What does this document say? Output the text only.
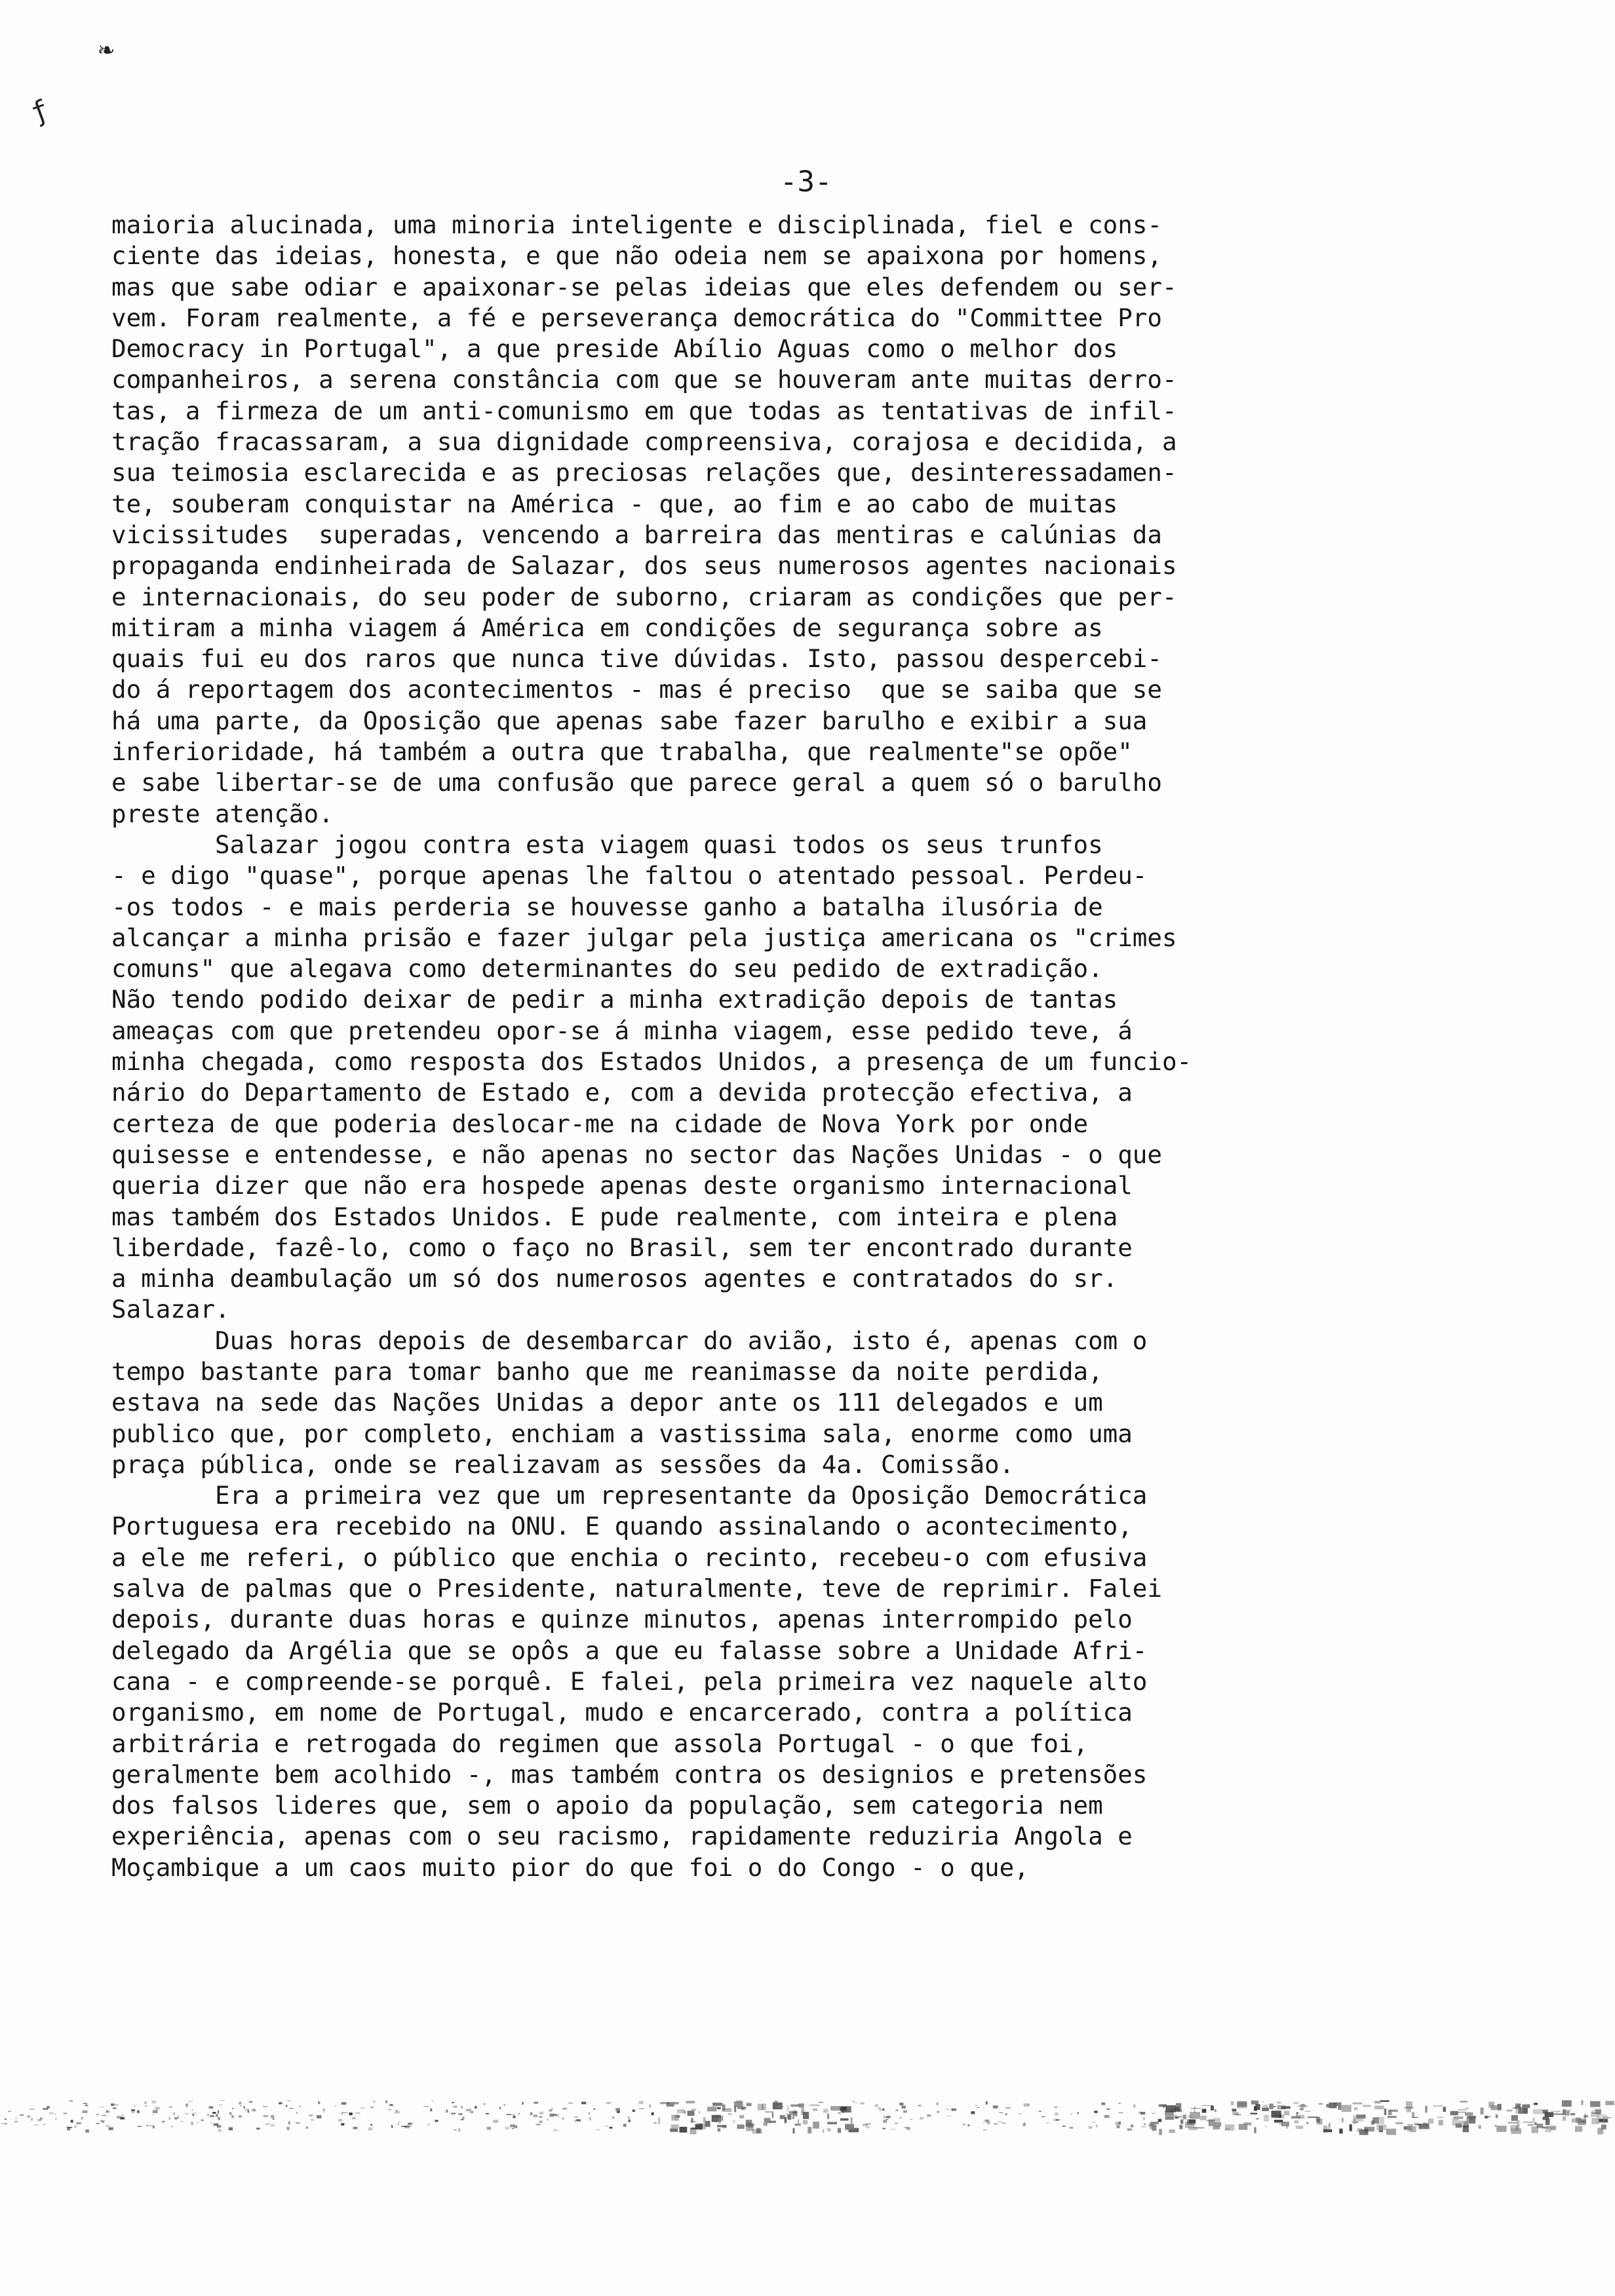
❧
ƒ
-3-
maioria alucinada, uma minoria inteligente e disciplinada, fiel e cons-
ciente das ideias, honesta, e que não odeia nem se apaixona por homens,
mas que sabe odiar e apaixonar-se pelas ideias que eles defendem ou ser-
vem. Foram realmente, a fé e perseverança democrática do "Committee Pro
Democracy in Portugal", a que preside Abílio Aguas como o melhor dos
companheiros, a serena constância com que se houveram ante muitas derro-
tas, a firmeza de um anti-comunismo em que todas as tentativas de infil-
tração fracassaram, a sua dignidade compreensiva, corajosa e decidida, a
sua teimosia esclarecida e as preciosas relações que, desinteressadamen-
te, souberam conquistar na América - que, ao fim e ao cabo de muitas
vicissitudes  superadas, vencendo a barreira das mentiras e calúnias da
propaganda endinheirada de Salazar, dos seus numerosos agentes nacionais
e internacionais, do seu poder de suborno, criaram as condições que per-
mitiram a minha viagem á América em condições de segurança sobre as
quais fui eu dos raros que nunca tive dúvidas. Isto, passou despercebi-
do á reportagem dos acontecimentos - mas é preciso  que se saiba que se
há uma parte, da Oposição que apenas sabe fazer barulho e exibir a sua
inferioridade, há também a outra que trabalha, que realmente"se opõe"
e sabe libertar-se de uma confusão que parece geral a quem só o barulho
preste atenção.
Salazar jogou contra esta viagem quasi todos os seus trunfos
- e digo "quase", porque apenas lhe faltou o atentado pessoal. Perdeu-
-os todos - e mais perderia se houvesse ganho a batalha ilusória de
alcançar a minha prisão e fazer julgar pela justiça americana os "crimes
comuns" que alegava como determinantes do seu pedido de extradição.
Não tendo podido deixar de pedir a minha extradição depois de tantas
ameaças com que pretendeu opor-se á minha viagem, esse pedido teve, á
minha chegada, como resposta dos Estados Unidos, a presença de um funcio-
nário do Departamento de Estado e, com a devida protecção efectiva, a
certeza de que poderia deslocar-me na cidade de Nova York por onde
quisesse e entendesse, e não apenas no sector das Nações Unidas - o que
queria dizer que não era hospede apenas deste organismo internacional
mas também dos Estados Unidos. E pude realmente, com inteira e plena
liberdade, fazê-lo, como o faço no Brasil, sem ter encontrado durante
a minha deambulação um só dos numerosos agentes e contratados do sr.
Salazar.
Duas horas depois de desembarcar do avião, isto é, apenas com o
tempo bastante para tomar banho que me reanimasse da noite perdida,
estava na sede das Nações Unidas a depor ante os 111 delegados e um
publico que, por completo, enchiam a vastissima sala, enorme como uma
praça pública, onde se realizavam as sessões da 4a. Comissão.
Era a primeira vez que um representante da Oposição Democrática
Portuguesa era recebido na ONU. E quando assinalando o acontecimento,
a ele me referi, o público que enchia o recinto, recebeu-o com efusiva
salva de palmas que o Presidente, naturalmente, teve de reprimir. Falei
depois, durante duas horas e quinze minutos, apenas interrompido pelo
delegado da Argélia que se opôs a que eu falasse sobre a Unidade Afri-
cana - e compreende-se porquê. E falei, pela primeira vez naquele alto
organismo, em nome de Portugal, mudo e encarcerado, contra a política
arbitrária e retrogada do regimen que assola Portugal - o que foi,
geralmente bem acolhido -, mas também contra os designios e pretensões
dos falsos lideres que, sem o apoio da população, sem categoria nem
experiência, apenas com o seu racismo, rapidamente reduziria Angola e
Moçambique a um caos muito pior do que foi o do Congo - o que,
